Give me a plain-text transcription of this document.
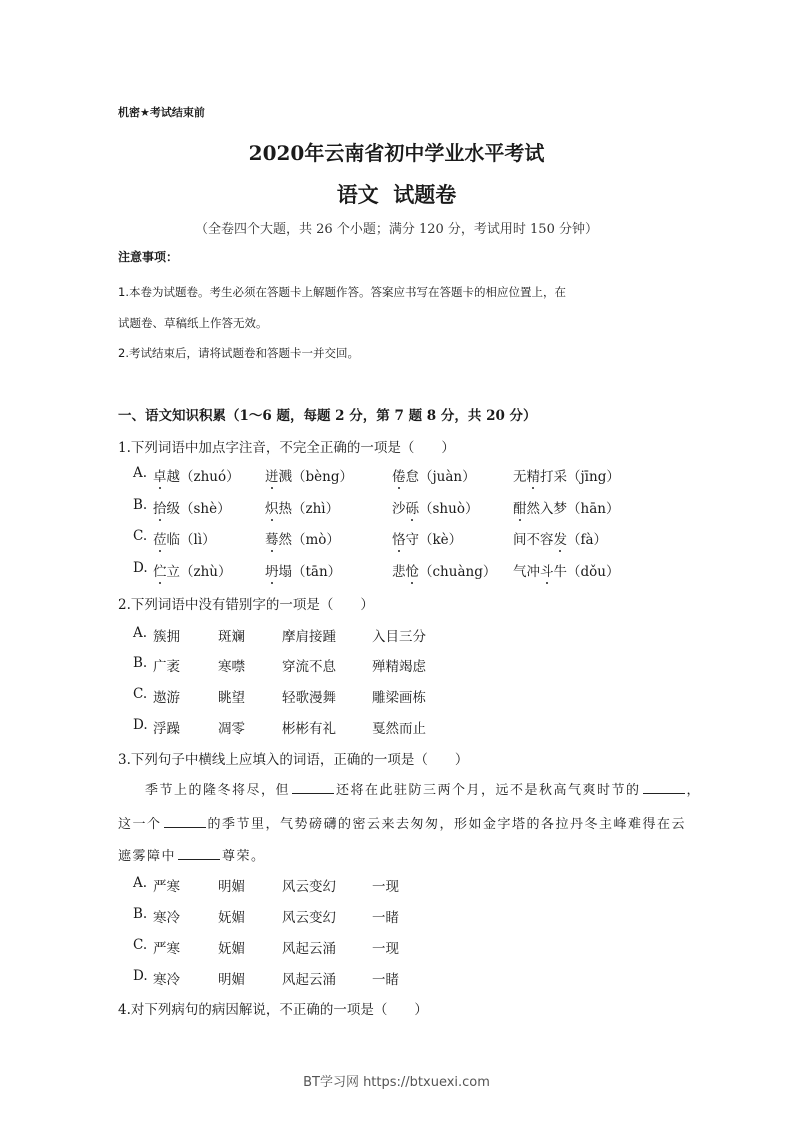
机密★考试结束前
2020年云南省初中学业水平考试
语文  试题卷
（全卷四个大题，共 26 个小题；满分 120 分，考试用时 150 分钟）
注意事项：
1.本卷为试题卷。考生必须在答题卡上解题作答。答案应书写在答题卡的相应位置上，在
试题卷、草稿纸上作答无效。
2.考试结束后，请将试题卷和答题卡一并交回。
一、语文知识积累（1～6 题，每题 2 分，第 7 题 8 分，共 20 分）
1.下列词语中加点字注音，不完全正确的一项是（　　）
A. 卓越（zhuó） 迸溅（bèng）	倦怠（juàn）	无精打采（jīng）
B. 拾级（shè）	炽热（zhì）	沙砾（shuò）	酣然入梦（hān）
C. 莅临（lì）	蓦然（mò）	恪守（kè）	间不容发（fà）
D. 伫立（zhù） 坍塌（tān）	悲怆（chuàng） 气冲斗牛（dǒu）
2.下列词语中没有错别字的一项是（　　）
A. 簇拥	斑斓	摩肩接踵	入目三分
B. 广袤	寒噤	穿流不息	殚精竭虑
C. 遨游	眺望	轻歌漫舞	雕梁画栋
D. 浮躁	凋零	彬彬有礼	戛然而止
3.下列句子中横线上应填入的词语，正确的一项是（　　）
季节上的隆冬将尽，但	还将在此驻防三两个月，远不是秋高气爽时节的	，
这一个	的季节里，气势磅礴的密云来去匆匆，形如金字塔的各拉丹冬主峰难得在云
遮雾障中	尊荣。
A. 严寒	明媚	风云变幻	一现
B. 寒冷	妩媚	风云变幻	一睹
C. 严寒	妩媚	风起云涌	一现
D. 寒冷	明媚	风起云涌	一睹
4.对下列病句的病因解说，不正确的一项是（　　）
BT学习网 https://btxuexi.com
